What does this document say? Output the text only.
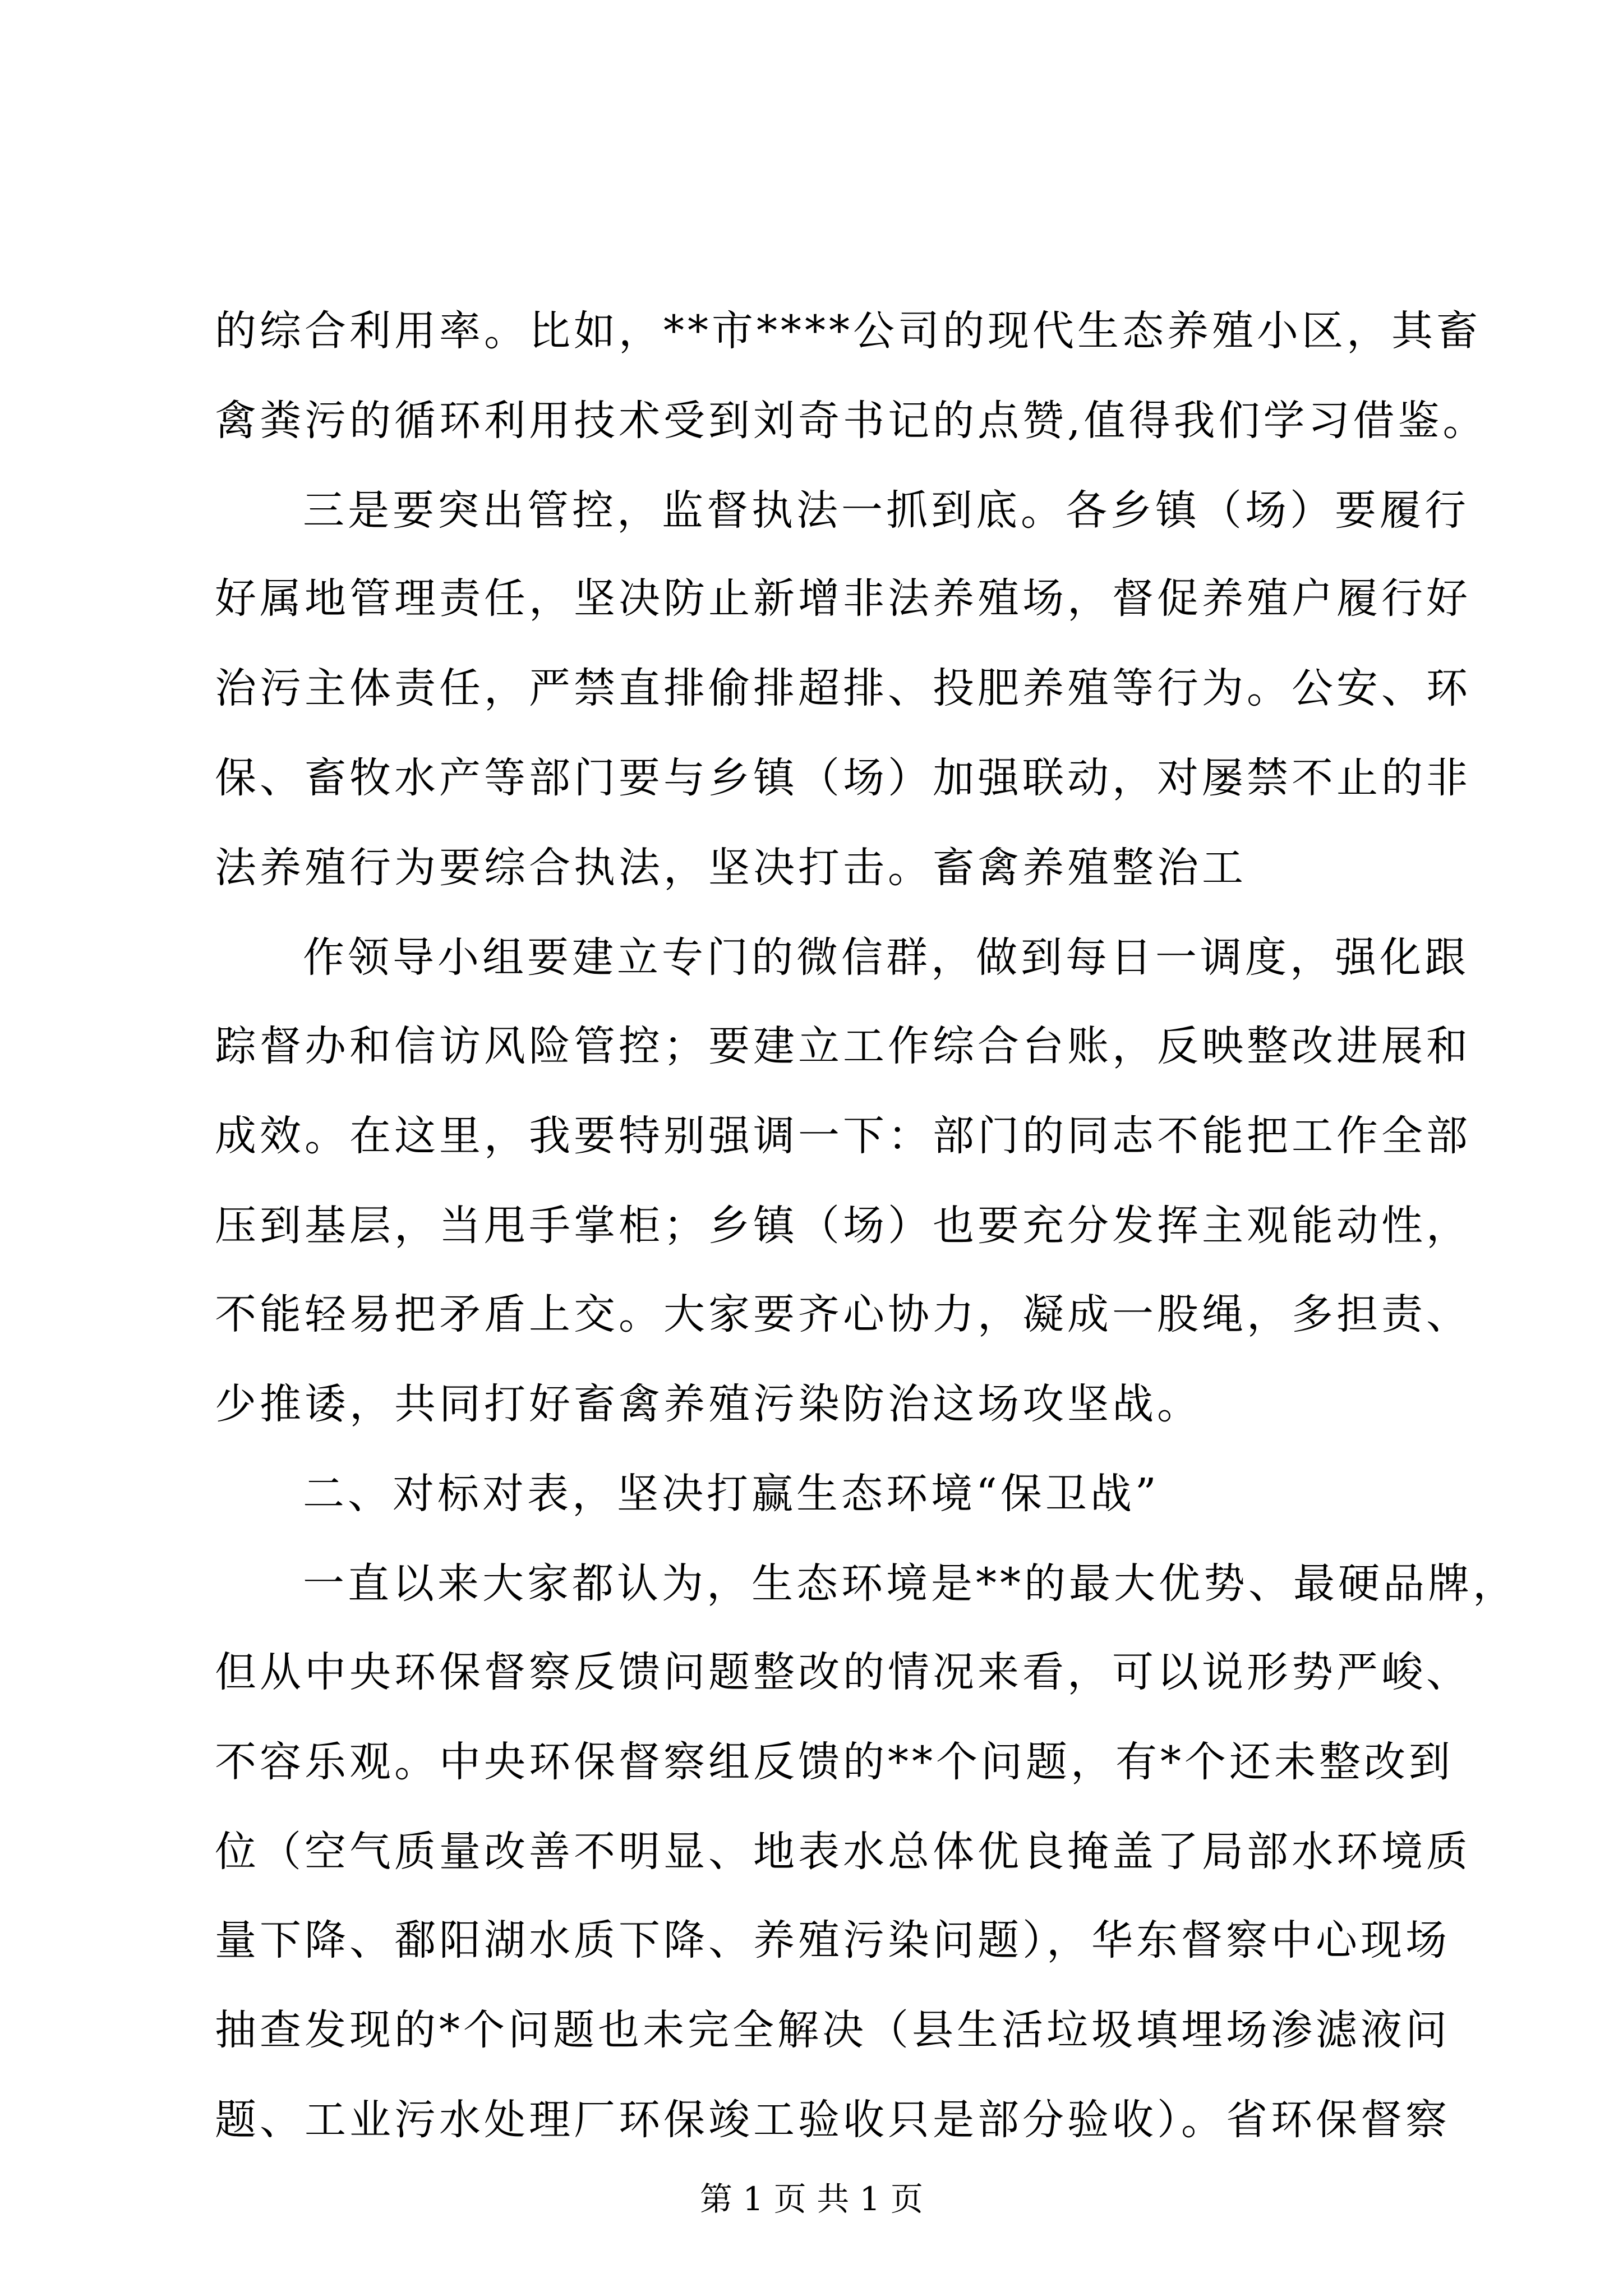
的综合利用率。比如，**市****公司的现代生态养殖小区，其畜
禽粪污的循环利用技术受到刘奇书记的点赞,值得我们学习借鉴。
三是要突出管控，监督执法一抓到底。各乡镇（场）要履行
好属地管理责任，坚决防止新增非法养殖场，督促养殖户履行好
治污主体责任，严禁直排偷排超排、投肥养殖等行为。公安、环
保、畜牧水产等部门要与乡镇（场）加强联动，对屡禁不止的非
法养殖行为要综合执法，坚决打击。畜禽养殖整治工
作领导小组要建立专门的微信群，做到每日一调度，强化跟
踪督办和信访风险管控；要建立工作综合台账，反映整改进展和
成效。在这里，我要特别强调一下：部门的同志不能把工作全部
压到基层，当甩手掌柜；乡镇（场）也要充分发挥主观能动性，
不能轻易把矛盾上交。大家要齐心协力，凝成一股绳，多担责、
少推诿，共同打好畜禽养殖污染防治这场攻坚战。
二、对标对表，坚决打赢生态环境“保卫战”
一直以来大家都认为，生态环境是**的最大优势、最硬品牌，
但从中央环保督察反馈问题整改的情况来看，可以说形势严峻、
不容乐观。中央环保督察组反馈的**个问题，有*个还未整改到
位（空气质量改善不明显、地表水总体优良掩盖了局部水环境质
量下降、鄱阳湖水质下降、养殖污染问题），华东督察中心现场
抽查发现的*个问题也未完全解决（县生活垃圾填埋场渗滤液问
题、工业污水处理厂环保竣工验收只是部分验收）。省环保督察
第 1 页 共 1 页
